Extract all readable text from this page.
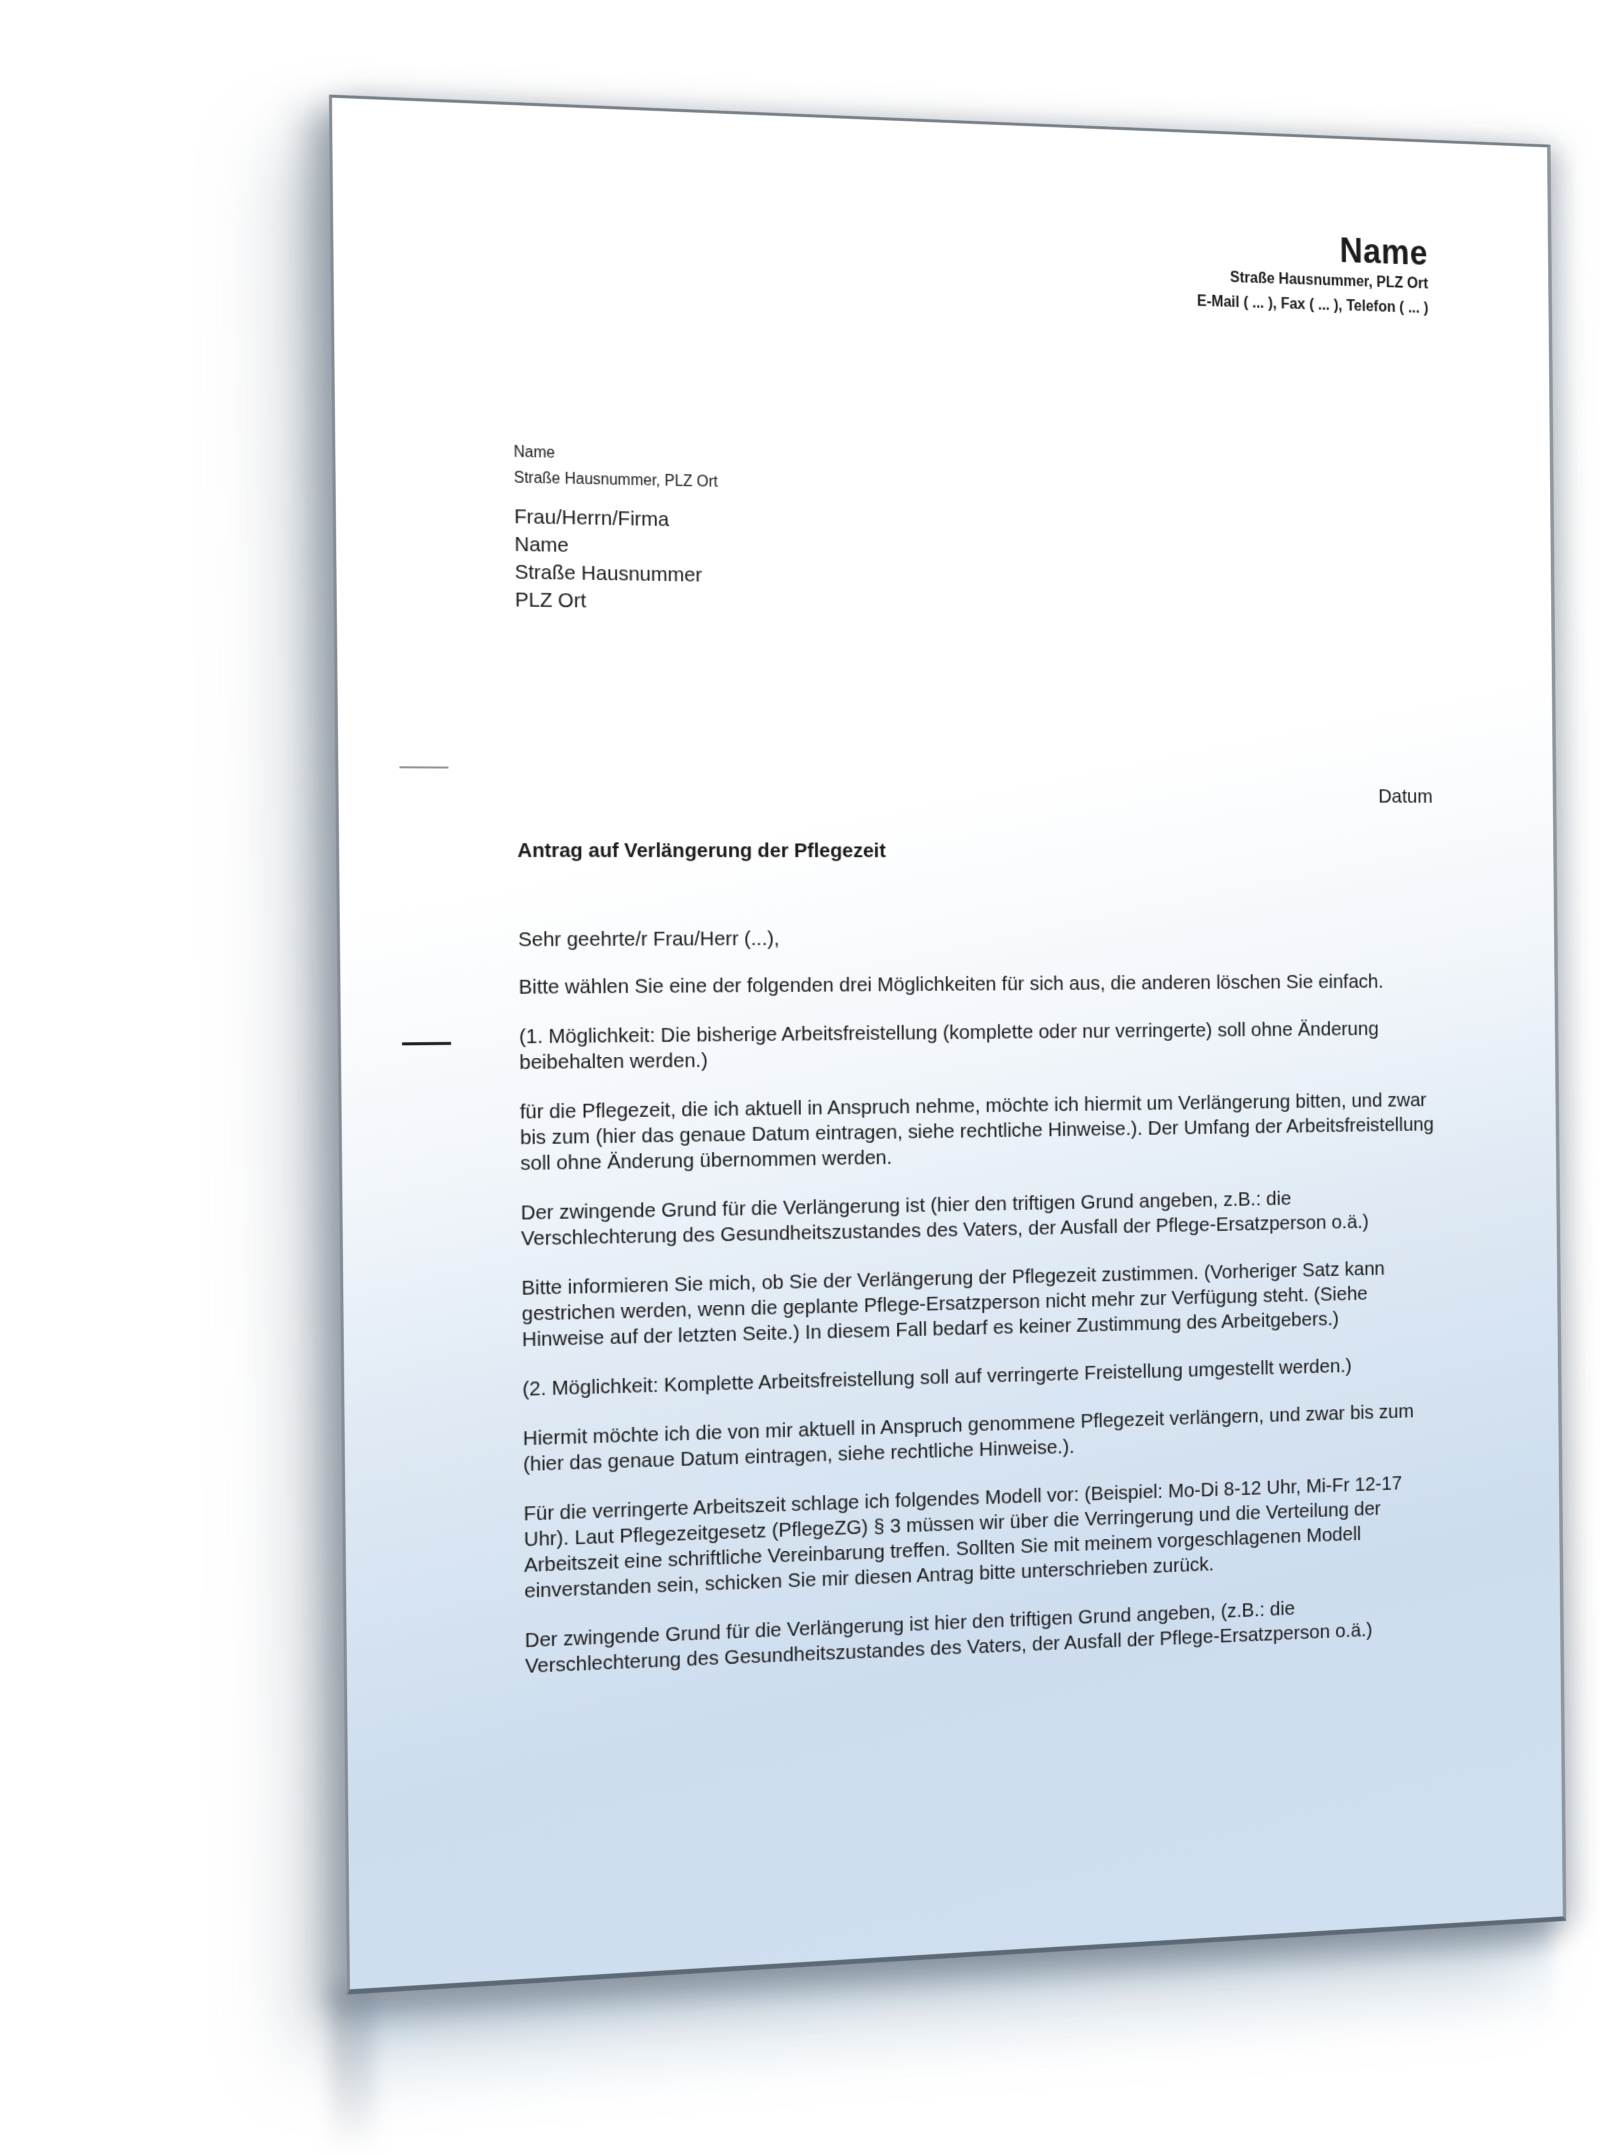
Name
Straße Hausnummer, PLZ Ort
E-Mail ( ... ), Fax ( ... ), Telefon ( ... )
Name
Straße Hausnummer, PLZ Ort
Frau/Herrn/Firma
Name
Straße Hausnummer
PLZ Ort
Datum
Antrag auf Verlängerung der Pflegezeit

Sehr geehrte/r Frau/Herr (...),

Bitte wählen Sie eine der folgenden drei Möglichkeiten für sich aus, die anderen löschen Sie einfach.

(1. Möglichkeit: Die bisherige Arbeitsfreistellung (komplette oder nur verringerte) soll ohne Änderung beibehalten werden.)

für die Pflegezeit, die ich aktuell in Anspruch nehme, möchte ich hiermit um Verlängerung bitten, und zwar bis zum (hier das genaue Datum eintragen, siehe rechtliche Hinweise.). Der Umfang der Arbeitsfreistellung soll ohne Änderung übernommen werden.

Der zwingende Grund für die Verlängerung ist (hier den triftigen Grund angeben, z.B.: die Verschlechterung des Gesundheitszustandes des Vaters, der Ausfall der Pflege-Ersatzperson o.ä.)

Bitte informieren Sie mich, ob Sie der Verlängerung der Pflegezeit zustimmen. (Vorheriger Satz kann gestrichen werden, wenn die geplante Pflege-Ersatzperson nicht mehr zur Verfügung steht. (Siehe Hinweise auf der letzten Seite.) In diesem Fall bedarf es keiner Zustimmung des Arbeitgebers.)

(2. Möglichkeit: Komplette Arbeitsfreistellung soll auf verringerte Freistellung umgestellt werden.)

Hiermit möchte ich die von mir aktuell in Anspruch genommene Pflegezeit verlängern, und zwar bis zum (hier das genaue Datum eintragen, siehe rechtliche Hinweise.).

Für die verringerte Arbeitszeit schlage ich folgendes Modell vor: (Beispiel: Mo-Di 8-12 Uhr, Mi-Fr 12-17 Uhr). Laut Pflegezeitgesetz (PflegeZG) § 3 müssen wir über die Verringerung und die Verteilung der Arbeitszeit eine schriftliche Vereinbarung treffen. Sollten Sie mit meinem vorgeschlagenen Modell einverstanden sein, schicken Sie mir diesen Antrag bitte unterschrieben zurück.

Der zwingende Grund für die Verlängerung ist hier den triftigen Grund angeben, (z.B.: die Verschlechterung des Gesundheitszustandes des Vaters, der Ausfall der Pflege-Ersatzperson o.ä.)
